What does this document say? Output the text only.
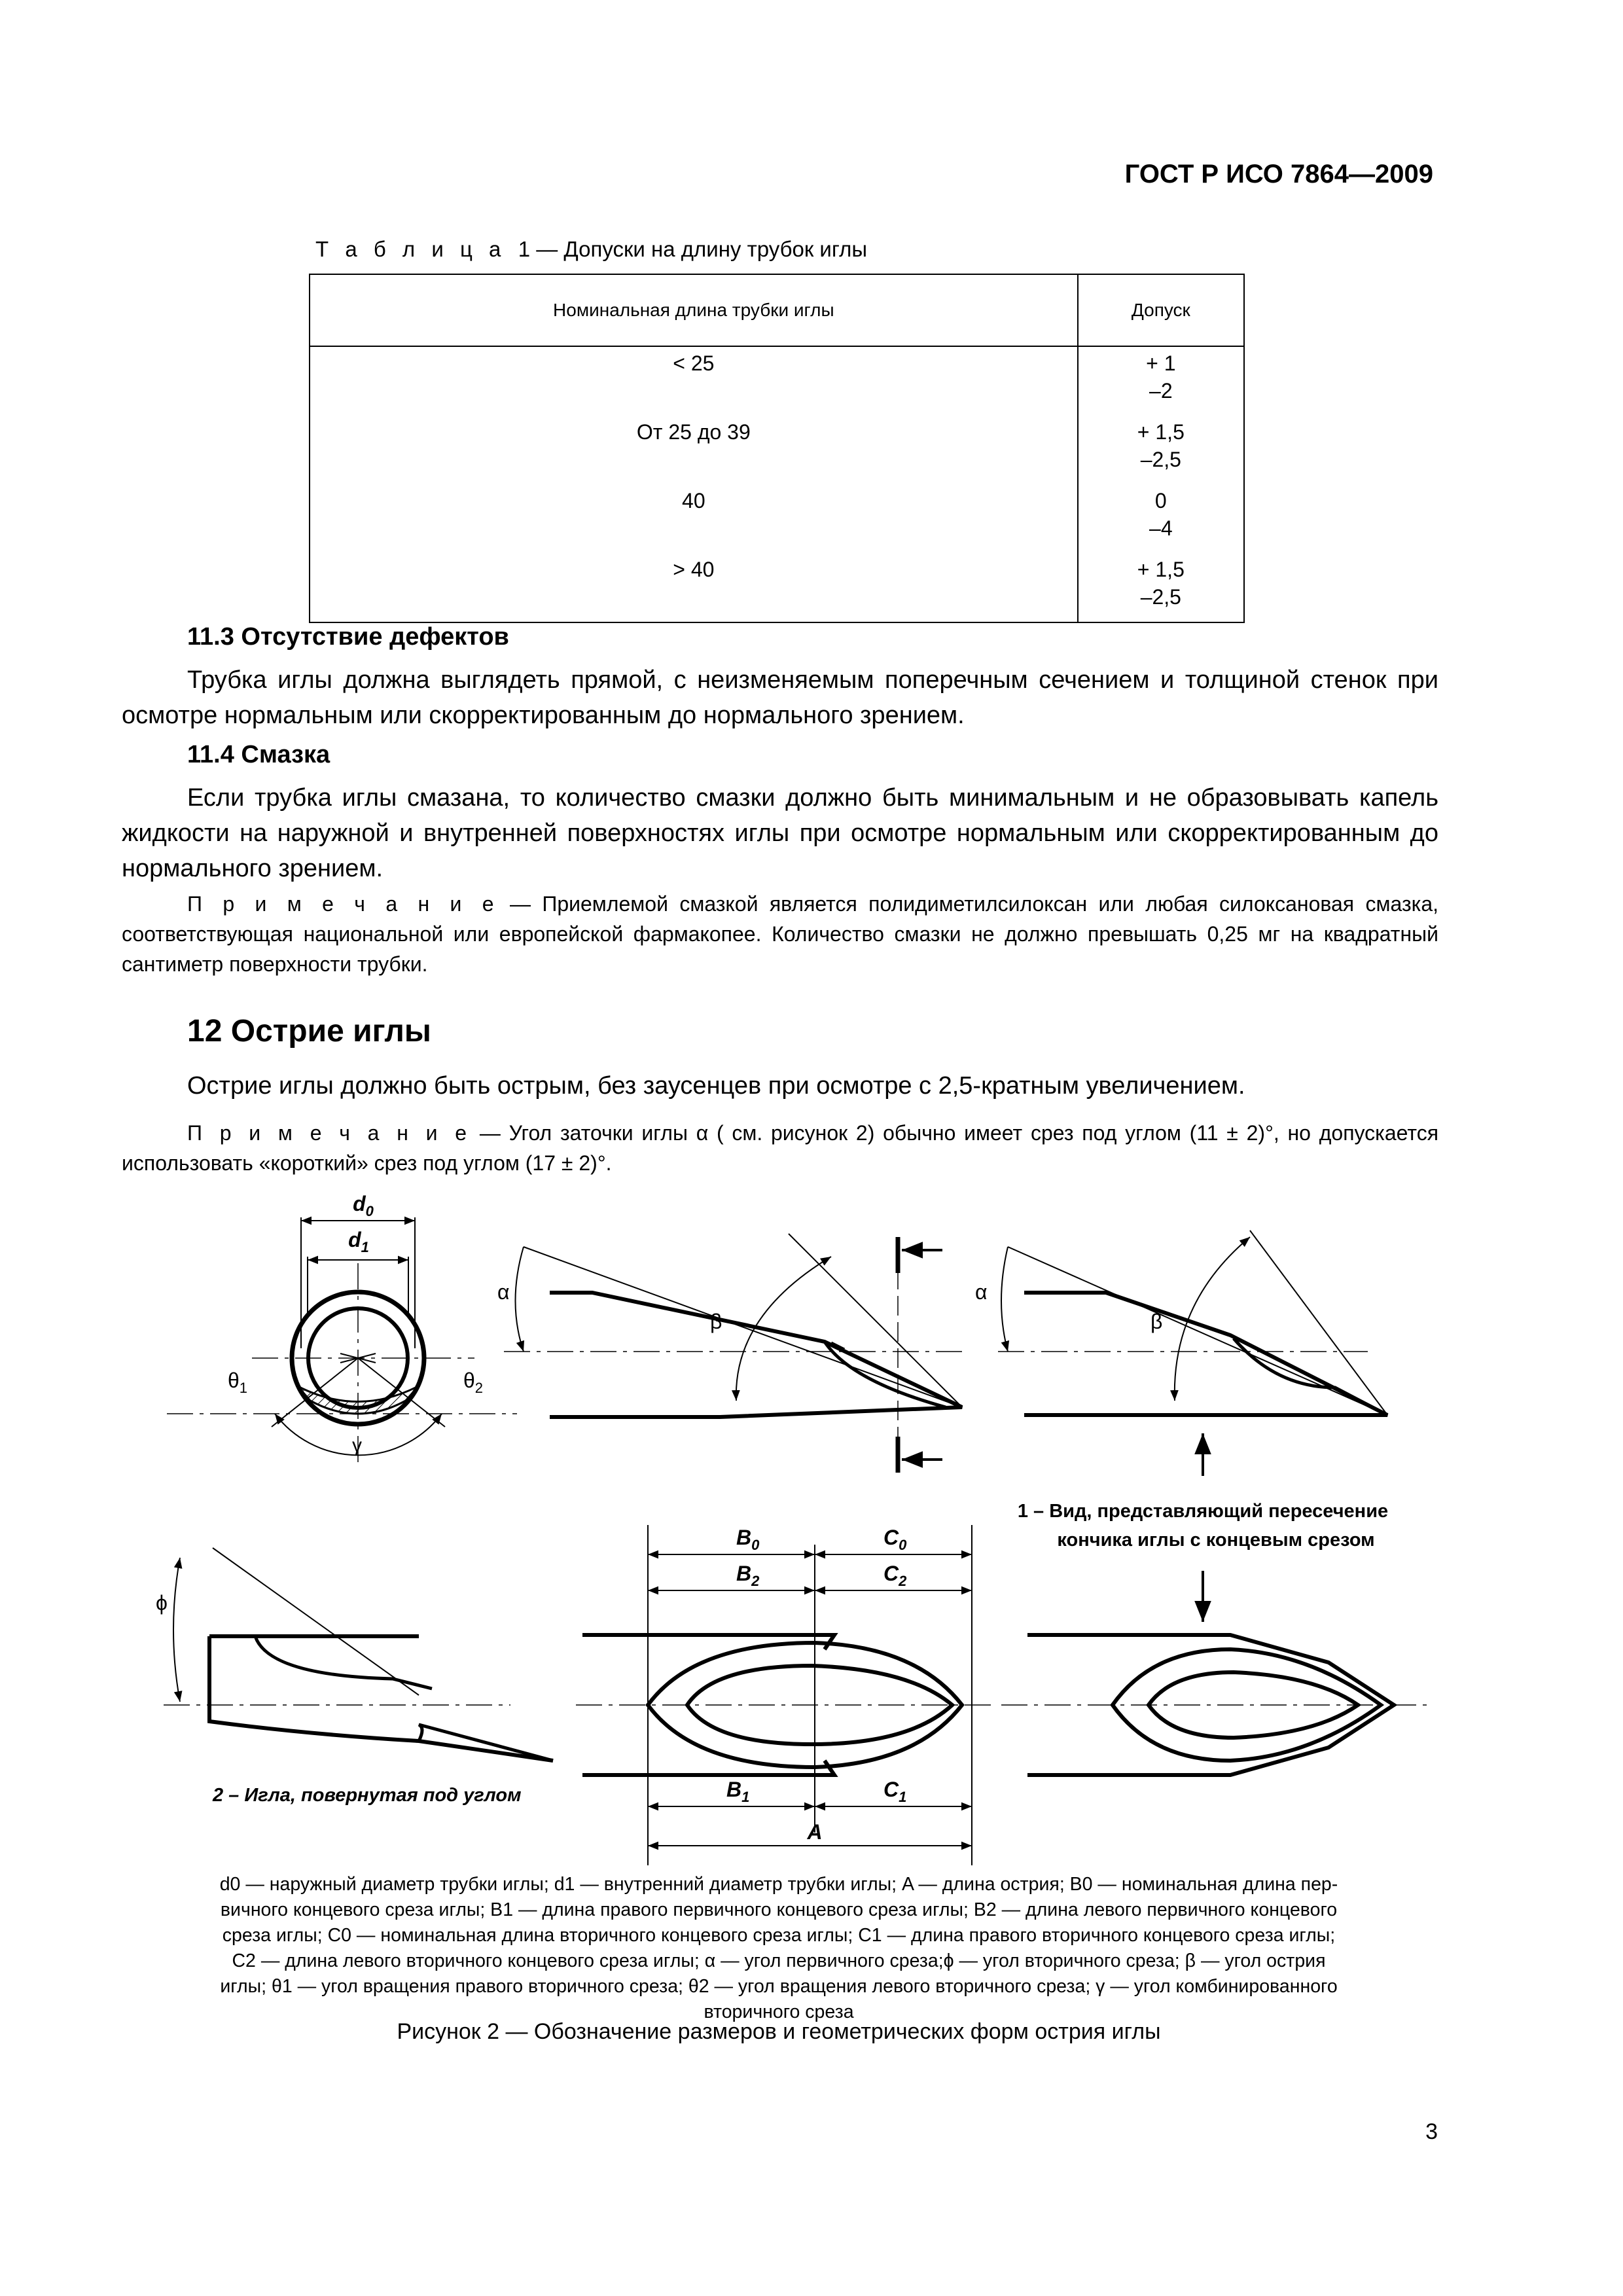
ГОСТ Р ИСО 7864—2009
Т а б л и ц а 1 — Допуски на длину трубок иглы
Номинальная длина трубки иглы	Допуск
< 25	+ 1
–2

От 25 до 39	+ 1,5
–2,5

40	0
–4

> 40	+ 1,5
–2,5
11.3 Отсутствие дефектов
Трубка иглы должна выглядеть прямой, с неизменяемым поперечным сечением и толщиной стенок при осмотре нормальным или скорректированным до нормального зрением.
11.4 Смазка
Если трубка иглы смазана, то количество смазки должно быть минимальным и не образовывать капель жидкости на наружной и внутренней поверхностях иглы при осмотре нормальным или скорректированным до нормального зрением.
П р и м е ч а н и е — Приемлемой смазкой является полидиметилсилоксан или любая силоксановая смазка, соответствующая национальной или европейской фармакопее. Количество смазки не должно превышать 0,25 мг на квадратный сантиметр поверхности трубки.
12 Острие иглы
Острие иглы должно быть острым, без заусенцев при осмотре с 2,5-кратным увеличением.
П р и м е ч а н и е — Угол заточки иглы α ( см. рисунок 2) обычно имеет срез под углом (11 ± 2)°, но допускается использовать «короткий» срез под углом (17 ± 2)°.
$d_0$
$d_1$
$\theta_1$	$\theta_2$
γ
α
β
α
β
ϕ
2 – Игла, повернутая под углом
$B_0$	$C_0$
$B_2$	$C_2$
$B_1$	$C_1$
A
1 – Вид, представляющий пересечение
кончика иглы с концевым срезом
d0 — наружный диаметр трубки иглы; d1 — внутренний диаметр трубки иглы; A — длина острия; B0 — номинальная длина пер-
вичного концевого среза иглы; B1 — длина правого первичного концевого среза иглы; B2 — длина левого первичного концевого
среза иглы; C0 — номинальная длина вторичного концевого среза иглы; C1 — длина правого вторичного концевого среза иглы;
C2 — длина левого вторичного концевого среза иглы; α — угол первичного среза;ϕ — угол вторичного среза; β — угол острия
иглы; θ1 — угол вращения правого вторичного среза; θ2 — угол вращения левого вторичного среза; γ — угол комбинированного
вторичного среза
Рисунок 2 — Обозначение размеров и геометрических форм острия иглы
3
